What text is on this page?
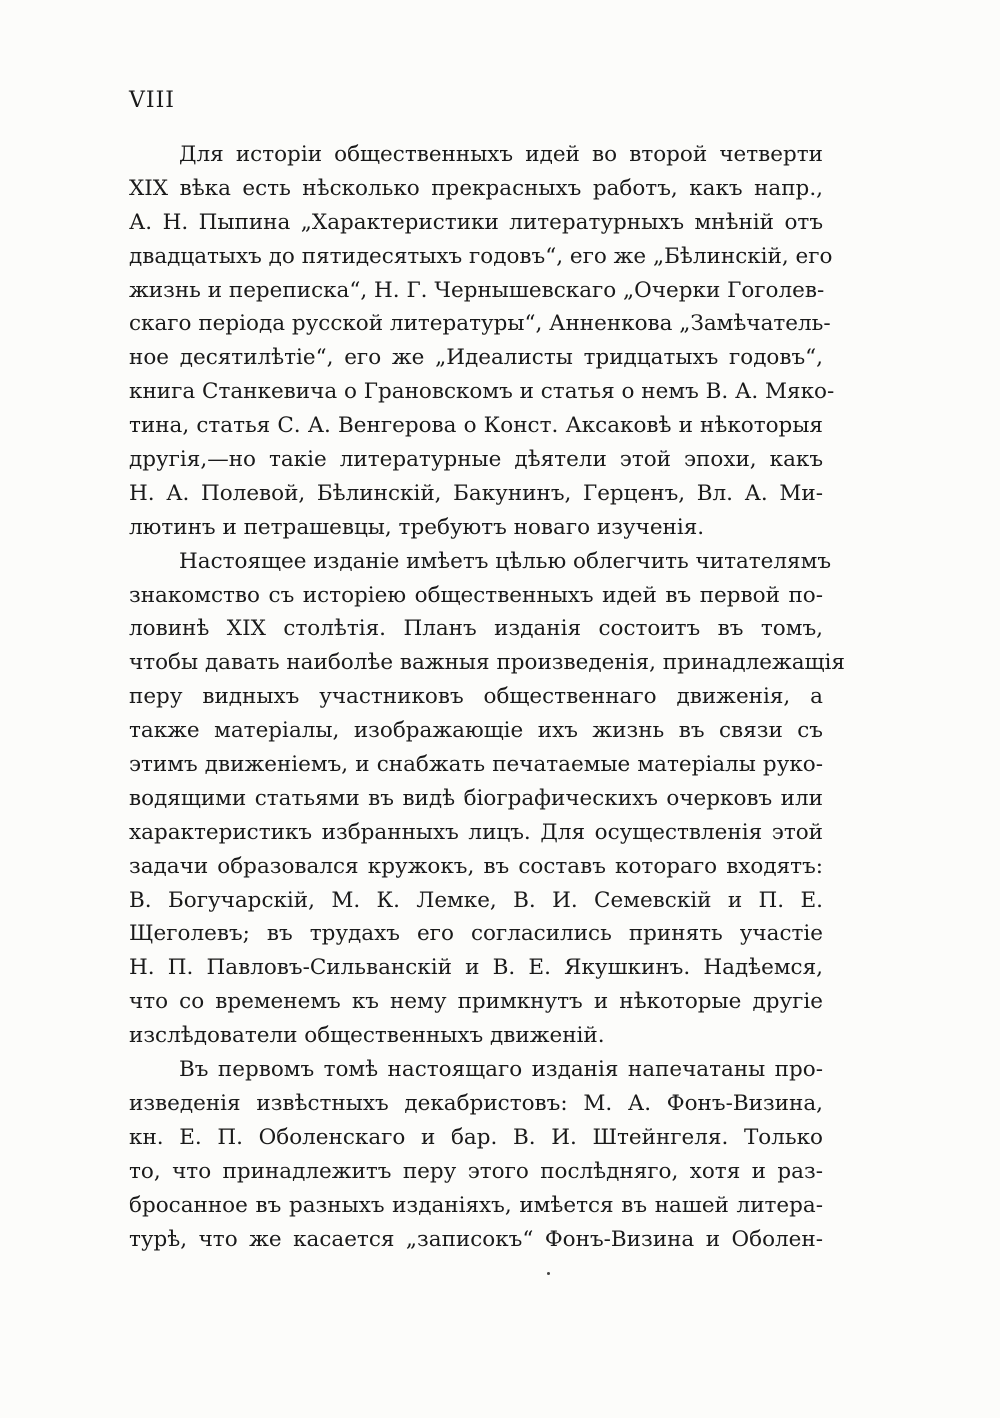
VIII
Для исторiи общественныхъ идей во второй четверти
XIX вѣка есть нѣсколько прекрасныхъ работъ, какъ напр.,
А. Н. Пыпина „Характеристики литературныхъ мнѣнiй отъ
двадцатыхъ до пятидесятыхъ годовъ“, его же „Бѣлинскiй, его
жизнь и переписка“, Н. Г. Чернышевскаго „Очерки Гоголев-
скаго перiода русской литературы“, Анненкова „Замѣчатель-
ное десятилѣтiе“, его же „Идеалисты тридцатыхъ годовъ“,
книга Станкевича о Грановскомъ и статья о немъ В. А. Мяко-
тина, статья С. А. Венгерова о Конст. Аксаковѣ и нѣкоторыя
другiя,—но такiе литературные дѣятели этой эпохи, какъ
Н. А. Полевой, Бѣлинскiй, Бакунинъ, Герценъ, Вл. А. Ми-
лютинъ и петрашевцы, требуютъ новаго изученiя.
Настоящее изданiе имѣетъ цѣлью облегчить читателямъ
знакомство съ исторiею общественныхъ идей въ первой по-
ловинѣ XIX столѣтiя. Планъ изданiя состоитъ въ томъ,
чтобы давать наиболѣе важныя произведенiя, принадлежащiя
перу видныхъ участниковъ общественнаго движенiя, а
также матерiалы, изображающiе ихъ жизнь въ связи съ
этимъ движенiемъ, и снабжать печатаемые матерiалы руко-
водящими статьями въ видѣ бiографическихъ очерковъ или
характеристикъ избранныхъ лицъ. Для осуществленiя этой
задачи образовался кружокъ, въ составъ котораго входятъ:
В. Богучарскiй, М. К. Лемке, В. И. Семевскiй и П. Е.
Щеголевъ; въ трудахъ его согласились принять участiе
Н. П. Павловъ-Сильванскiй и В. Е. Якушкинъ. Надѣемся,
что со временемъ къ нему примкнутъ и нѣкоторые другiе
изслѣдователи общественныхъ движенiй.
Въ первомъ томѣ настоящаго изданiя напечатаны про-
изведенiя извѣстныхъ декабристовъ: М. А. Фонъ-Визина,
кн. Е. П. Оболенскаго и бар. В. И. Штейнгеля. Только
то, что принадлежитъ перу этого послѣдняго, хотя и раз-
бросанное въ разныхъ изданiяхъ, имѣется въ нашей литера-
турѣ, что же касается „записокъ“ Фонъ-Визина и Оболен-
